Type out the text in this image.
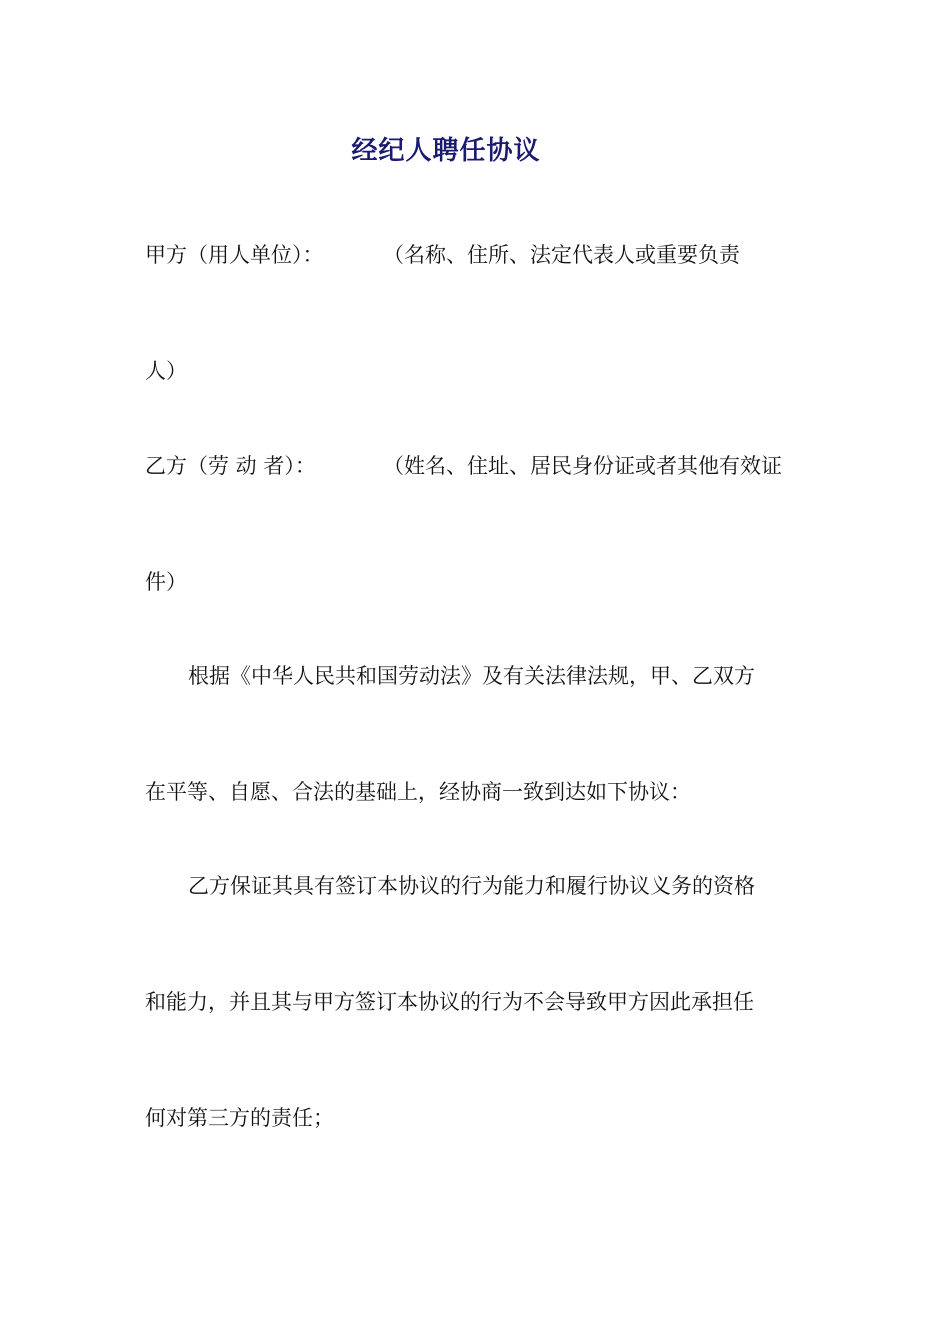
经纪人聘任协议
甲方（用人单位）：	（名称、住所、法定代表人或重要负责
人）
乙方（劳 动 者）：	（姓名、住址、居民身份证或者其他有效证
件）
根据《中华人民共和国劳动法》及有关法律法规，甲、乙双方
在平等、自愿、合法的基础上，经协商一致到达如下协议：
乙方保证其具有签订本协议的行为能力和履行协议义务的资格
和能力，并且其与甲方签订本协议的行为不会导致甲方因此承担任
何对第三方的责任；
